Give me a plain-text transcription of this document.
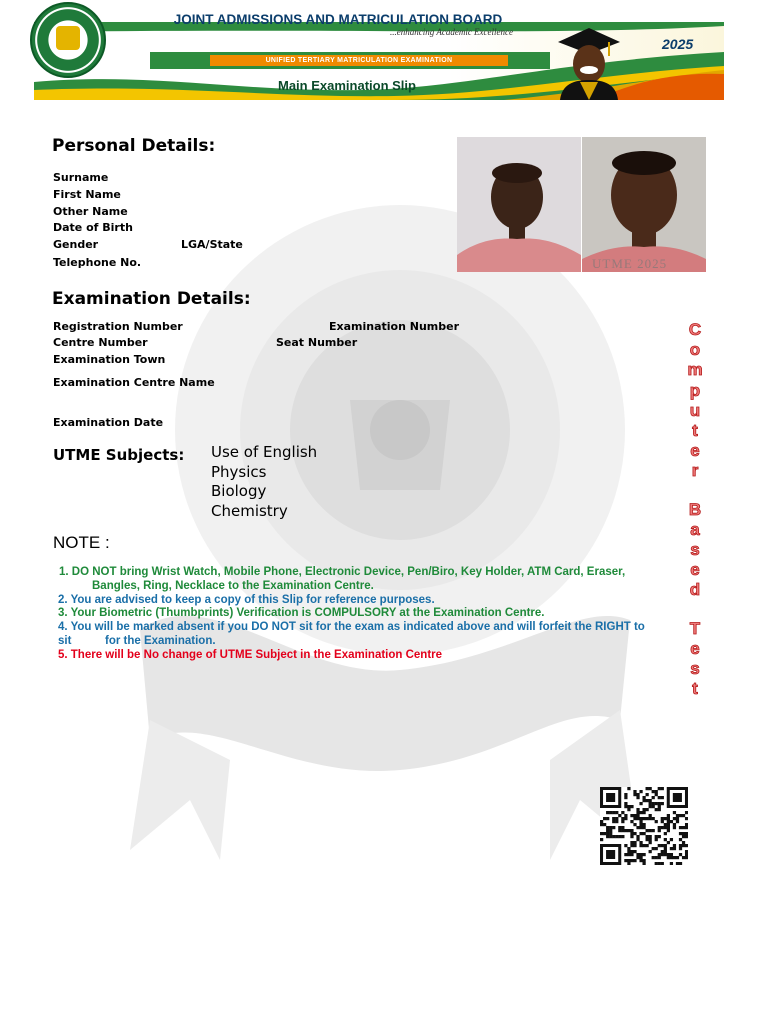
JOINT ADMISSIONS AND MATRICULATION BOARD
...enhancing Academic Excellence
UNIFIED TERTIARY MATRICULATION EXAMINATION
Main Examination Slip
2025
Personal Details:
Surname
First Name
Other Name
Date of Birth
Gender	LGA/State
Telephone No.	UTME 2025
Examination Details:
Registration Number	Examination Number
Centre Number	Seat Number
Examination Town
Examination Centre Name
Examination Date
UTME Subjects: Use of English
Physics
Biology
Chemistry
NOTE :
1. DO NOT bring Wrist Watch, Mobile Phone, Electronic Device, Pen/Biro, Key Holder, ATM Card, Eraser,
Bangles, Ring, Necklace to the Examination Centre.
2. You are advised to keep a copy of this Slip for reference purposes.
3. Your Biometric (Thumbprints) Verification is COMPULSORY at the Examination Centre.
4. You will be marked absent if you DO NOT sit for the exam as indicated above and will forfeit the RIGHT to
sit	for the Examination.
5. There will be No change of UTME Subject in the Examination Centre
C
o
m
p
u
t
e
r
B
a
s
e
d
T
e
s
t
